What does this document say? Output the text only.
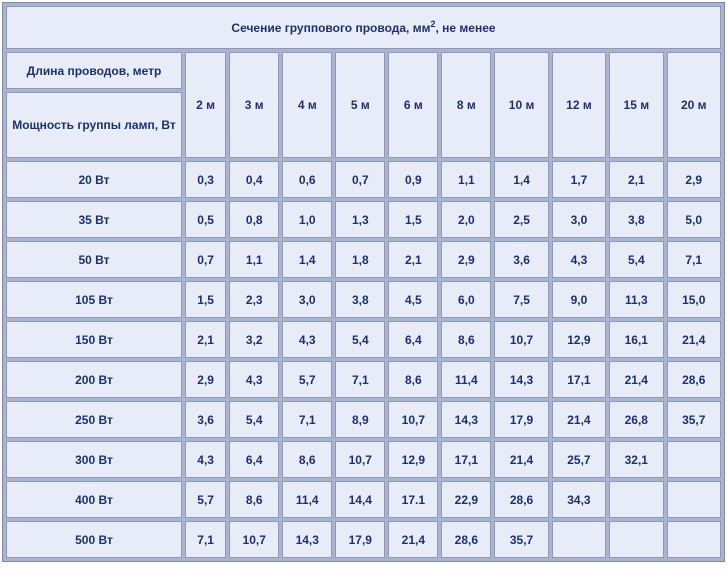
Сечение группового провода, $мм^2$, не менее										
Длина проводов, метр	2 м	3 м	4 м	5 м	6 м	8 м	10 м	12 м	15 м	20 м
Мощность группы ламп, Вт										
20 Вт	0,3	0,4	0,6	0,7	0,9	1,1	1,4	1,7	2,1	2,9
35 Вт	0,5	0,8	1,0	1,3	1,5	2,0	2,5	3,0	3,8	5,0
50 Вт	0,7	1,1	1,4	1,8	2,1	2,9	3,6	4,3	5,4	7,1
105 Вт	1,5	2,3	3,0	3,8	4,5	6,0	7,5	9,0	11,3	15,0
150 Вт	2,1	3,2	4,3	5,4	6,4	8,6	10,7	12,9	16,1	21,4
200 Вт	2,9	4,3	5,7	7,1	8,6	11,4	14,3	17,1	21,4	28,6
250 Вт	3,6	5,4	7,1	8,9	10,7	14,3	17,9	21,4	26,8	35,7
300 Вт	4,3	6,4	8,6	10,7	12,9	17,1	21,4	25,7	32,1	
400 Вт	5,7	8,6	11,4	14,4	17.1	22,9	28,6	34,3		
500 Вт	7,1	10,7	14,3	17,9	21,4	28,6	35,7			
